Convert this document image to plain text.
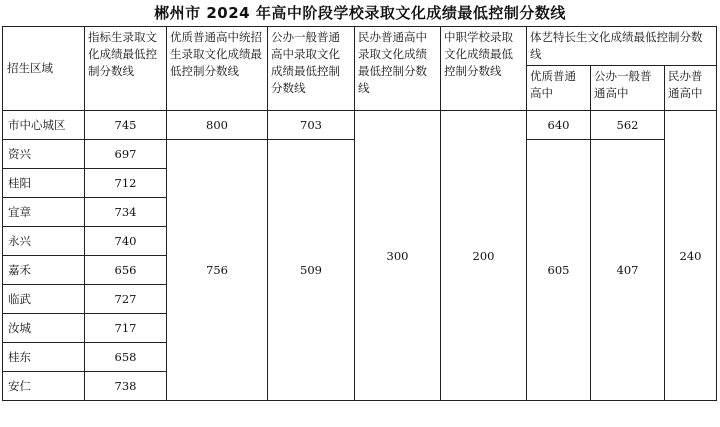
郴州市 2024 年高中阶段学校录取文化成绩最低控制分数线
招生区域	指标生录取文化成绩最低控制分数线	优质普通高中统招生录取文化成绩最低控制分数线	公办一般普通高中录取文化成绩最低控制分数线	民办普通高中录取文化成绩最低控制分数线	中职学校录取文化成绩最低控制分数线	体艺特长生文化成绩最低控制分数线		
						优质普通高中	公办一般普通高中	民办普通高中
市中心城区	745	800	703	300	200	640	562	240
资兴	697	756	509			605	407	
桂阳	712							
宜章	734							
永兴	740							
嘉禾	656							
临武	727							
汝城	717							
桂东	658							
安仁	738							
